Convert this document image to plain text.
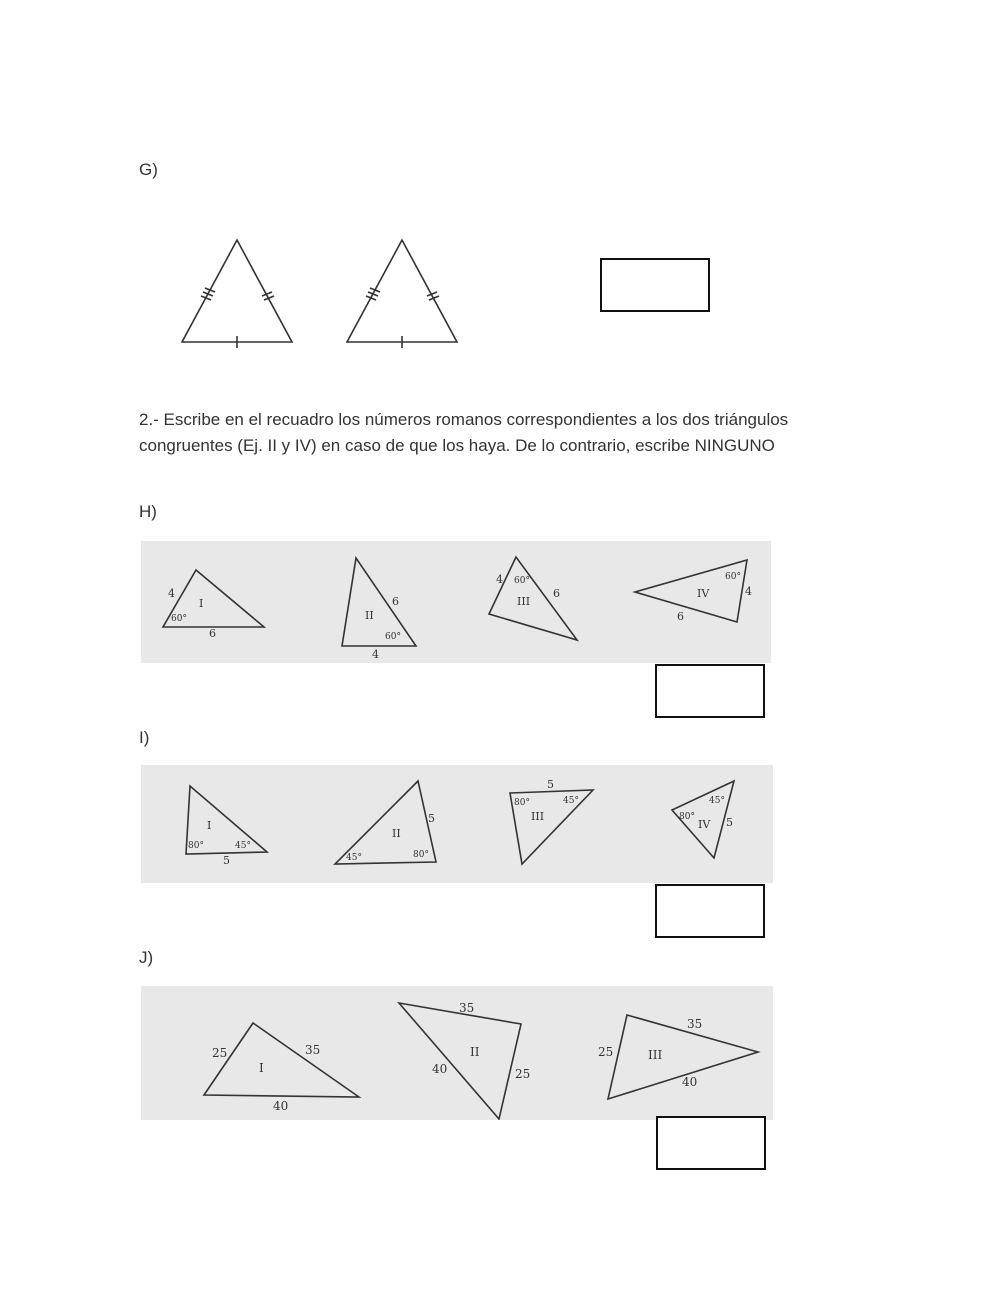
G)
2.- Escribe en el recuadro los números romanos correspondientes a los dos triángulos congruentes (Ej. II y IV) en caso de que los haya. De lo contrario, escribe NINGUNO
H)
4
I
60°
6
6
II
60°
4
4 60°
III
6
60°
IV	4
6
I)
I
80°	45°
5
II
5
45°	80°
5
80°	45°
III
45°
80°
IV 5
J)
25	35
I
40
35
II
40	25
25
35
III
40
